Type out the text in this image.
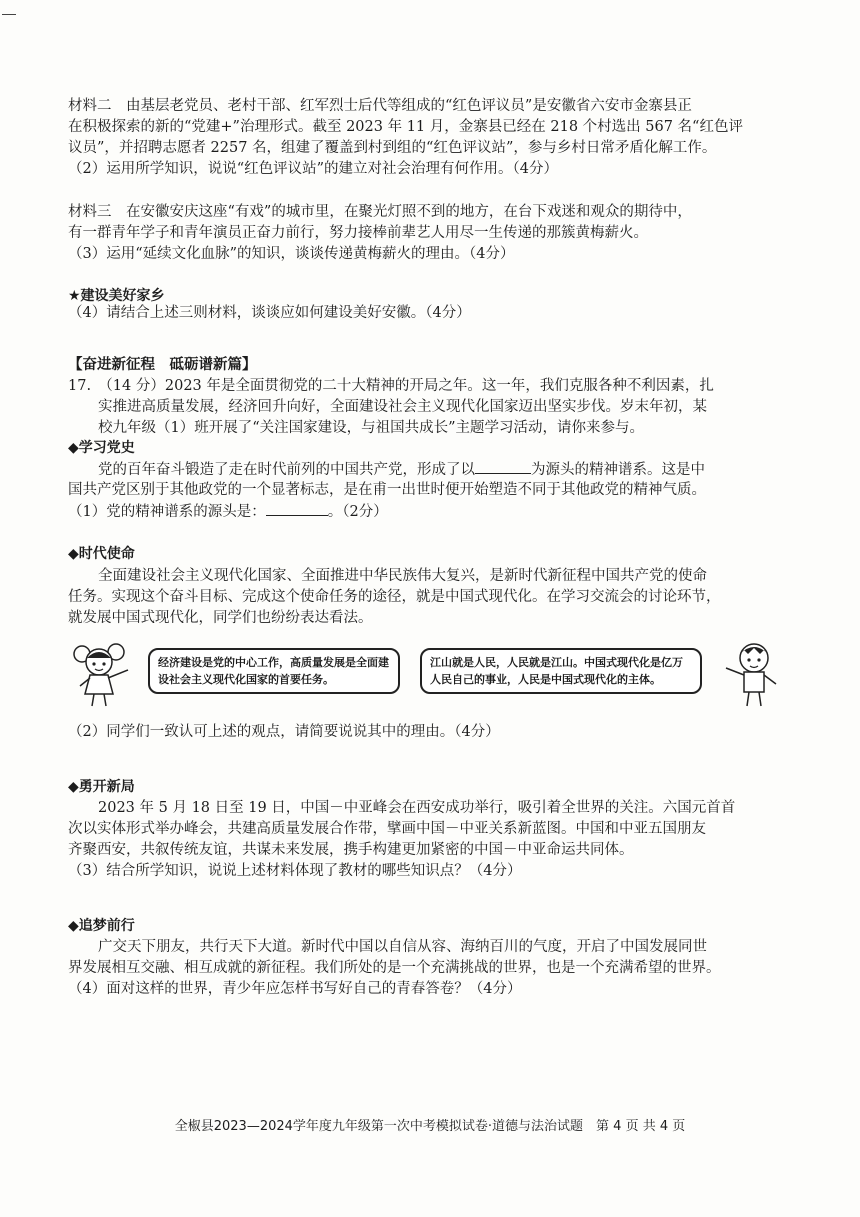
材料二　由基层老党员、老村干部、红军烈士后代等组成的“红色评议员”是安徽省六安市金寨县正

在积极探索的新的“党建+”治理形式。截至 2023 年 11 月，金寨县已经在 218 个村选出 567 名“红色评

议员”，并招聘志愿者 2257 名，组建了覆盖到村到组的“红色评议站”，参与乡村日常矛盾化解工作。

（2）运用所学知识，说说“红色评议站”的建立对社会治理有何作用。（4分）

材料三　在安徽安庆这座“有戏”的城市里，在聚光灯照不到的地方，在台下戏迷和观众的期待中，

有一群青年学子和青年演员正奋力前行，努力接棒前辈艺人用尽一生传递的那簇黄梅薪火。

（3）运用“延续文化血脉”的知识，谈谈传递黄梅薪火的理由。（4分）

★建设美好家乡

（4）请结合上述三则材料，谈谈应如何建设美好安徽。（4分）

【奋进新征程　砥砺谱新篇】

17.　（14 分）2023 年是全面贯彻党的二十大精神的开局之年。这一年，我们克服各种不利因素，扎

实推进高质量发展，经济回升向好，全面建设社会主义现代化国家迈出坚实步伐。岁末年初，某

校九年级（1）班开展了“关注国家建设，与祖国共成长”主题学习活动，请你来参与。

◆学习党史

党的百年奋斗锻造了走在时代前列的中国共产党，形成了以	为源头的精神谱系。这是中

国共产党区别于其他政党的一个显著标志，是在甫一出世时便开始塑造不同于其他政党的精神气质。

（1）党的精神谱系的源头是：	。（2分）

◆时代使命

全面建设社会主义现代化国家、全面推进中华民族伟大复兴，是新时代新征程中国共产党的使命

任务。实现这个奋斗目标、完成这个使命任务的途径，就是中国式现代化。在学习交流会的讨论环节，

就发展中国式现代化，同学们也纷纷表达看法。

经济建设是党的中心工作，高质量发展是全面建设社会主义现代化国家的首要任务。
江山就是人民，人民就是江山。中国式现代化是亿万人民自己的事业，人民是中国式现代化的主体。

（2）同学们一致认可上述的观点，请简要说说其中的理由。（4分）

◆勇开新局

2023 年 5 月 18 日至 19 日，中国－中亚峰会在西安成功举行，吸引着全世界的关注。六国元首首

次以实体形式举办峰会，共建高质量发展合作带，擘画中国－中亚关系新蓝图。中国和中亚五国朋友

齐聚西安，共叙传统友谊，共谋未来发展，携手构建更加紧密的中国－中亚命运共同体。

（3）结合所学知识，说说上述材料体现了教材的哪些知识点？（4分）

◆追梦前行

广交天下朋友，共行天下大道。新时代中国以自信从容、海纳百川的气度，开启了中国发展同世

界发展相互交融、相互成就的新征程。我们所处的是一个充满挑战的世界，也是一个充满希望的世界。

（4）面对这样的世界，青少年应怎样书写好自己的青春答卷？（4分）

全椒县2023—2024学年度九年级第一次中考模拟试卷·道德与法治试题　第 4 页 共 4 页
